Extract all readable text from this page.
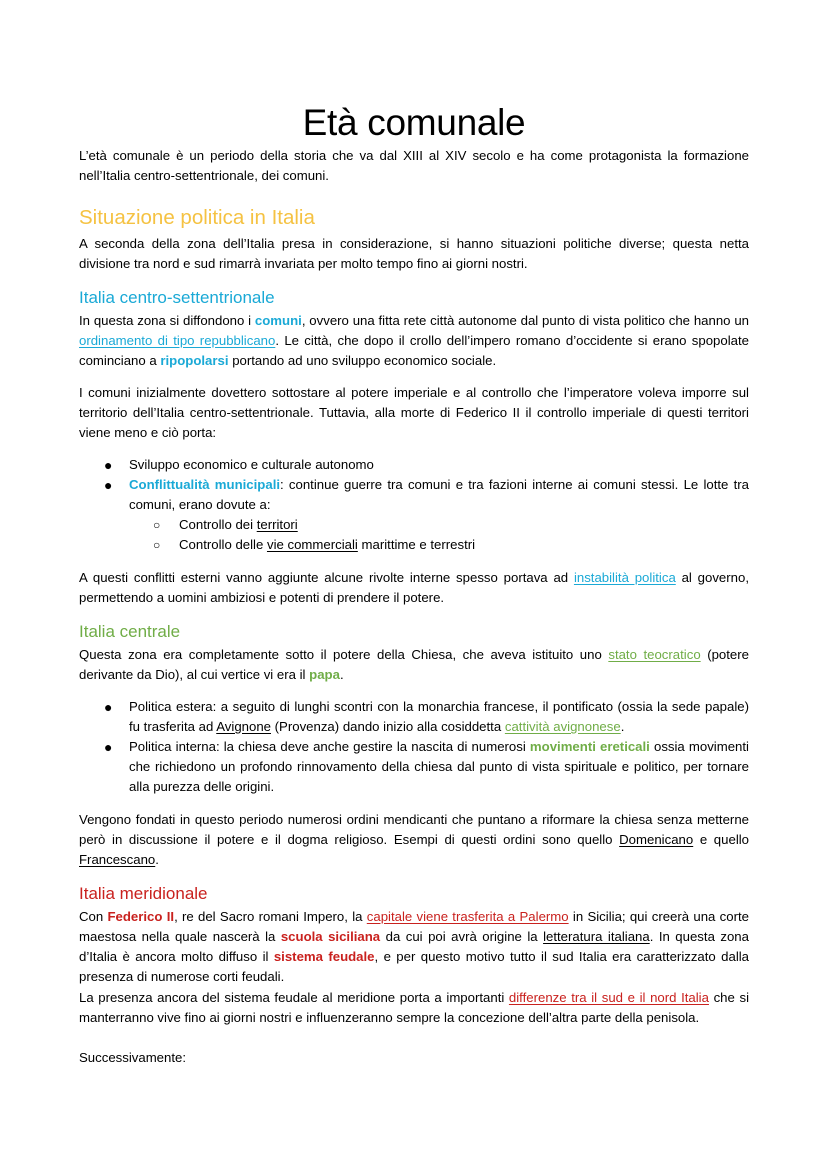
Età comunale

L’età comunale è un periodo della storia che va dal XIII al XIV secolo e ha come protagonista la formazione nell’Italia centro-settentrionale, dei comuni.

Situazione politica in Italia

A seconda della zona dell’Italia presa in considerazione, si hanno situazioni politiche diverse; questa netta divisione tra nord e sud rimarrà invariata per molto tempo fino ai giorni nostri.

Italia centro-settentrionale

In questa zona si diffondono i comuni, ovvero una fitta rete città autonome dal punto di vista politico che hanno un ordinamento di tipo repubblicano. Le città, che dopo il crollo dell’impero romano d’occidente si erano spopolate cominciano a ripopolarsi portando ad uno sviluppo economico sociale.

I comuni inizialmente dovettero sottostare al potere imperiale e al controllo che l’imperatore voleva imporre sul territorio dell’Italia centro-settentrionale. Tuttavia, alla morte di Federico II il controllo imperiale di questi territori viene meno e ciò porta:

● Sviluppo economico e culturale autonomo
● Conflittualità municipali: continue guerre tra comuni e tra fazioni interne ai comuni stessi. Le lotte tra comuni, erano dovute a:
○ Controllo dei territori
○ Controllo delle vie commerciali marittime e terrestri

A questi conflitti esterni vanno aggiunte alcune rivolte interne spesso portava ad instabilità politica al governo, permettendo a uomini ambiziosi e potenti di prendere il potere.

Italia centrale

Questa zona era completamente sotto il potere della Chiesa, che aveva istituito uno stato teocratico (potere derivante da Dio), al cui vertice vi era il papa.

● Politica estera: a seguito di lunghi scontri con la monarchia francese, il pontificato (ossia la sede papale) fu trasferita ad Avignone (Provenza) dando inizio alla cosiddetta cattività avignonese.
● Politica interna: la chiesa deve anche gestire la nascita di numerosi movimenti ereticali ossia movimenti che richiedono un profondo rinnovamento della chiesa dal punto di vista spirituale e politico, per tornare alla purezza delle origini.

Vengono fondati in questo periodo numerosi ordini mendicanti che puntano a riformare la chiesa senza metterne però in discussione il potere e il dogma religioso. Esempi di questi ordini sono quello Domenicano e quello Francescano.

Italia meridionale

Con Federico II, re del Sacro romani Impero, la capitale viene trasferita a Palermo in Sicilia; qui creerà una corte maestosa nella quale nascerà la scuola siciliana da cui poi avrà origine la letteratura italiana. In questa zona d’Italia è ancora molto diffuso il sistema feudale, e per questo motivo tutto il sud Italia era caratterizzato dalla presenza di numerose corti feudali.

La presenza ancora del sistema feudale al meridione porta a importanti differenze tra il sud e il nord Italia che si manterranno vive fino ai giorni nostri e influenzeranno sempre la concezione dell’altra parte della penisola.

Successivamente:
